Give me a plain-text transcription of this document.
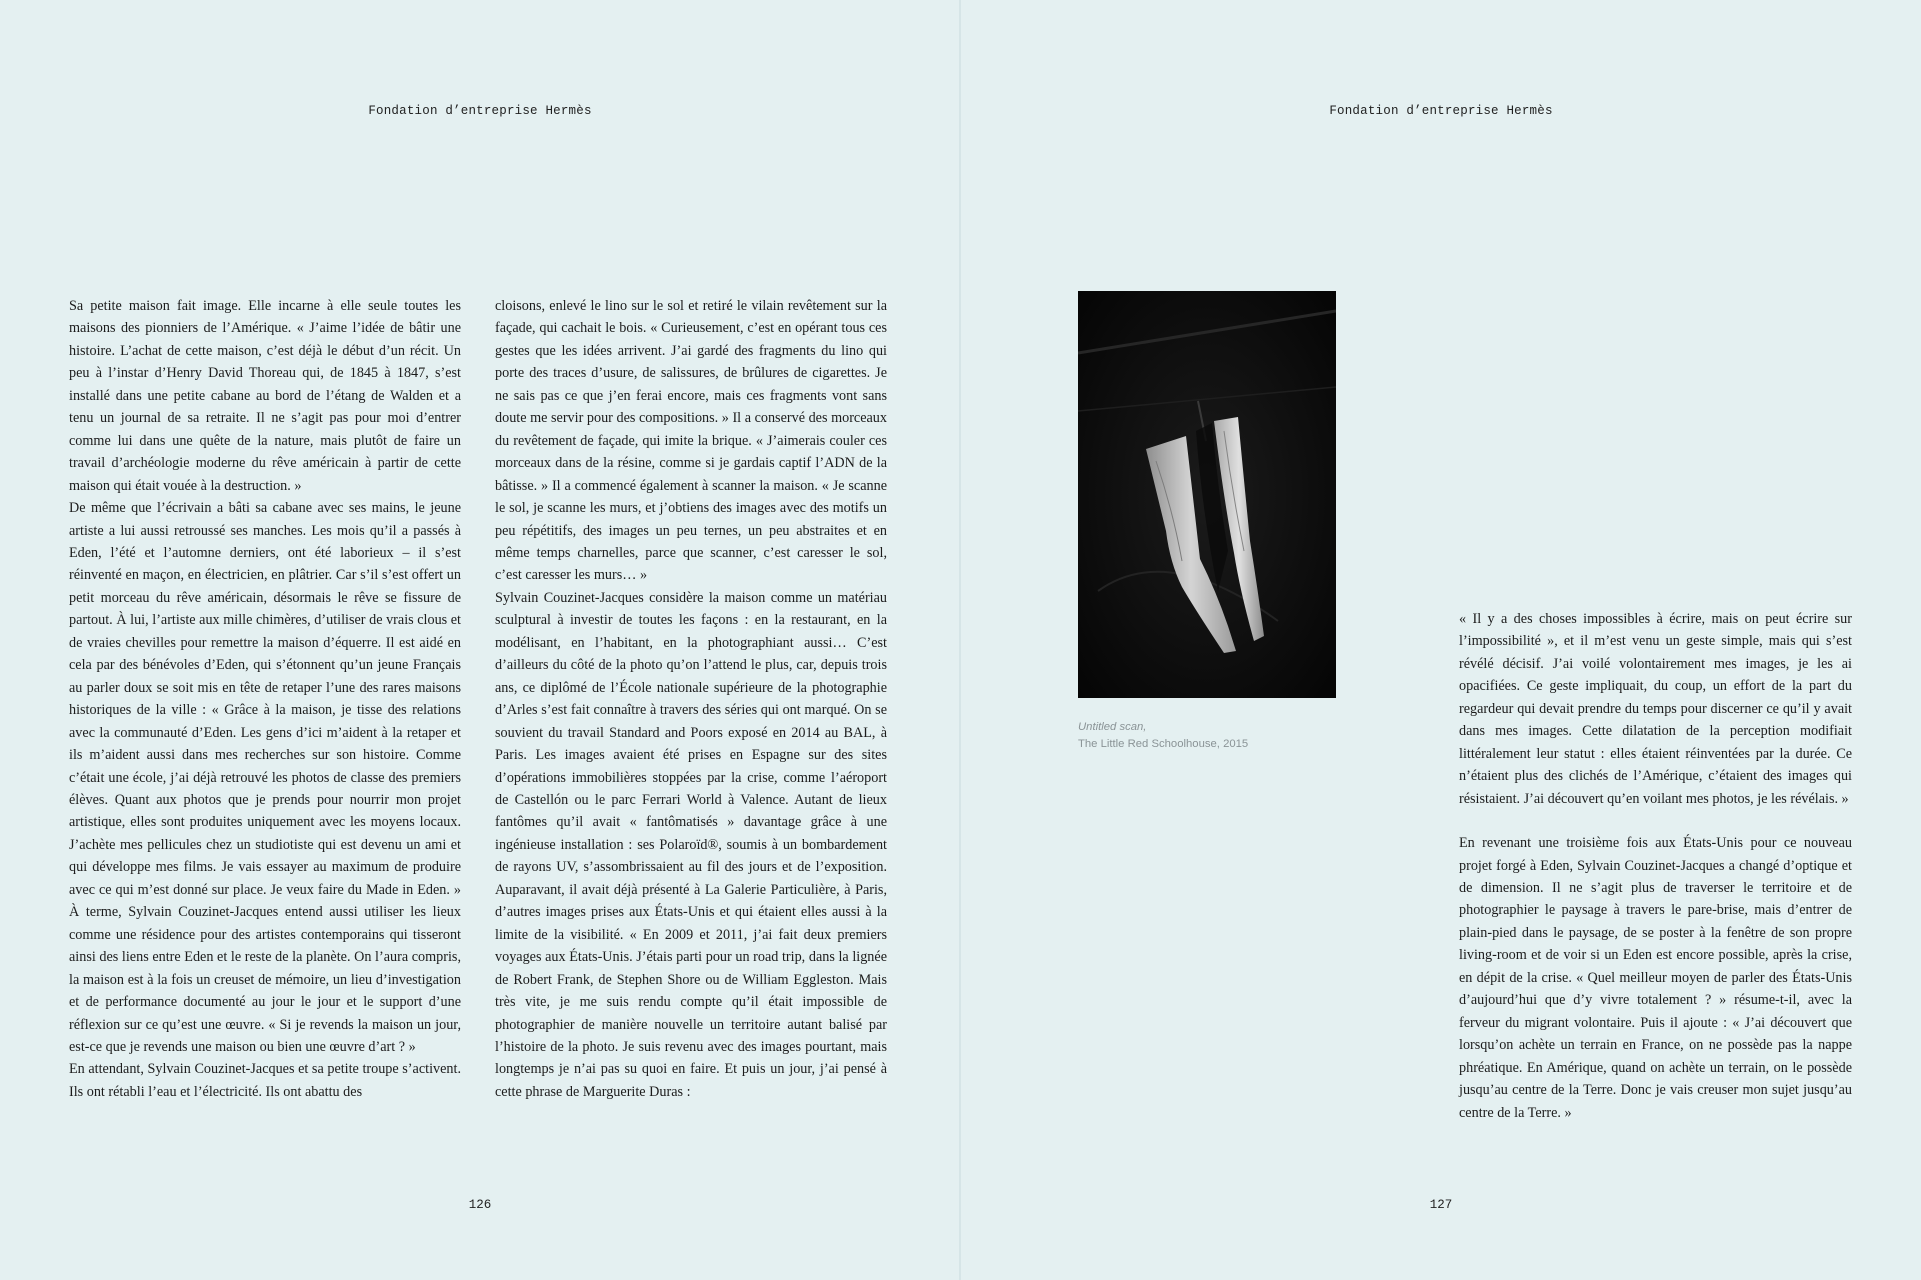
Fondation d’entreprise Hermès

Sa petite maison fait image. Elle incarne à elle seule toutes les maisons des pionniers de l’Amérique. « J’aime l’idée de bâtir une histoire. L’achat de cette maison, c’est déjà le début d’un récit. Un peu à l’instar d’Henry David Thoreau qui, de 1845 à 1847, s’est installé dans une petite cabane au bord de l’étang de Walden et a tenu un journal de sa retraite. Il ne s’agit pas pour moi d’entrer comme lui dans une quête de la nature, mais plutôt de faire un travail d’archéologie moderne du rêve américain à partir de cette maison qui était vouée à la destruction. »

De même que l’écrivain a bâti sa cabane avec ses mains, le jeune artiste a lui aussi retroussé ses manches. Les mois qu’il a passés à Eden, l’été et l’automne derniers, ont été laborieux – il s’est réinventé en maçon, en électricien, en plâtrier. Car s’il s’est offert un petit morceau du rêve américain, désormais le rêve se fissure de partout. À lui, l’artiste aux mille chimères, d’utiliser de vrais clous et de vraies chevilles pour remettre la maison d’équerre. Il est aidé en cela par des bénévoles d’Eden, qui s’étonnent qu’un jeune Français au parler doux se soit mis en tête de retaper l’une des rares maisons historiques de la ville : « Grâce à la maison, je tisse des relations avec la communauté d’Eden. Les gens d’ici m’aident à la retaper et ils m’aident aussi dans mes recherches sur son histoire. Comme c’était une école, j’ai déjà retrouvé les photos de classe des premiers élèves. Quant aux photos que je prends pour nourrir mon projet artistique, elles sont produites uniquement avec les moyens locaux. J’achète mes pellicules chez un studiotiste qui est devenu un ami et qui développe mes films. Je vais essayer au maximum de produire avec ce qui m’est donné sur place. Je veux faire du Made in Eden. » À terme, Sylvain Couzinet-Jacques entend aussi utiliser les lieux comme une résidence pour des artistes contemporains qui tisseront ainsi des liens entre Eden et le reste de la planète. On l’aura compris, la maison est à la fois un creuset de mémoire, un lieu d’investigation et de performance documenté au jour le jour et le support d’une réflexion sur ce qu’est une œuvre. « Si je revends la maison un jour, est-ce que je revends une maison ou bien une œuvre d’art ? »

En attendant, Sylvain Couzinet-Jacques et sa petite troupe s’activent. Ils ont rétabli l’eau et l’électricité. Ils ont abattu des

cloisons, enlevé le lino sur le sol et retiré le vilain revêtement sur la façade, qui cachait le bois. « Curieusement, c’est en opérant tous ces gestes que les idées arrivent. J’ai gardé des fragments du lino qui porte des traces d’usure, de salissures, de brûlures de cigarettes. Je ne sais pas ce que j’en ferai encore, mais ces fragments vont sans doute me servir pour des compositions. » Il a conservé des morceaux du revêtement de façade, qui imite la brique. « J’aimerais couler ces morceaux dans de la résine, comme si je gardais captif l’ADN de la bâtisse. » Il a commencé également à scanner la maison. « Je scanne le sol, je scanne les murs, et j’obtiens des images avec des motifs un peu répétitifs, des images un peu ternes, un peu abstraites et en même temps charnelles, parce que scanner, c’est caresser le sol, c’est caresser les murs… »

Sylvain Couzinet-Jacques considère la maison comme un matériau sculptural à investir de toutes les façons : en la restaurant, en la modélisant, en l’habitant, en la photographiant aussi… C’est d’ailleurs du côté de la photo qu’on l’attend le plus, car, depuis trois ans, ce diplômé de l’École nationale supérieure de la photographie d’Arles s’est fait connaître à travers des séries qui ont marqué. On se souvient du travail Standard and Poors exposé en 2014 au BAL, à Paris. Les images avaient été prises en Espagne sur des sites d’opérations immobilières stoppées par la crise, comme l’aéroport de Castellón ou le parc Ferrari World à Valence. Autant de lieux fantômes qu’il avait « fantômatisés » davantage grâce à une ingénieuse installation : ses Polaroïd®, soumis à un bombardement de rayons UV, s’assombrissaient au fil des jours et de l’exposition. Auparavant, il avait déjà présenté à La Galerie Particulière, à Paris, d’autres images prises aux États-Unis et qui étaient elles aussi à la limite de la visibilité. « En 2009 et 2011, j’ai fait deux premiers voyages aux États-Unis. J’étais parti pour un road trip, dans la lignée de Robert Frank, de Stephen Shore ou de William Eggleston. Mais très vite, je me suis rendu compte qu’il était impossible de photographier de manière nouvelle un territoire autant balisé par l’histoire de la photo. Je suis revenu avec des images pourtant, mais longtemps je n’ai pas su quoi en faire. Et puis un jour, j’ai pensé à cette phrase de Marguerite Duras :

126
Fondation d’entreprise Hermès
Untitled scan,
The Little Red Schoolhouse, 2015

« Il y a des choses impossibles à écrire, mais on peut écrire sur l’impossibilité », et il m’est venu un geste simple, mais qui s’est révélé décisif. J’ai voilé volontairement mes images, je les ai opacifiées. Ce geste impliquait, du coup, un effort de la part du regardeur qui devait prendre du temps pour discerner ce qu’il y avait dans mes images. Cette dilatation de la perception modifiait littéralement leur statut : elles étaient réinventées par la durée. Ce n’étaient plus des clichés de l’Amérique, c’étaient des images qui résistaient. J’ai découvert qu’en voilant mes photos, je les révélais. »

En revenant une troisième fois aux États-Unis pour ce nouveau projet forgé à Eden, Sylvain Couzinet-Jacques a changé d’optique et de dimension. Il ne s’agit plus de traverser le territoire et de photographier le paysage à travers le pare-brise, mais d’entrer de plain-pied dans le paysage, de se poster à la fenêtre de son propre living-room et de voir si un Eden est encore possible, après la crise, en dépit de la crise. « Quel meilleur moyen de parler des États-Unis d’aujourd’hui que d’y vivre totalement ? » résume-t-il, avec la ferveur du migrant volontaire. Puis il ajoute : « J’ai découvert que lorsqu’on achète un terrain en France, on ne possède pas la nappe phréatique. En Amérique, quand on achète un terrain, on le possède jusqu’au centre de la Terre. Donc je vais creuser mon sujet jusqu’au centre de la Terre. »

127
